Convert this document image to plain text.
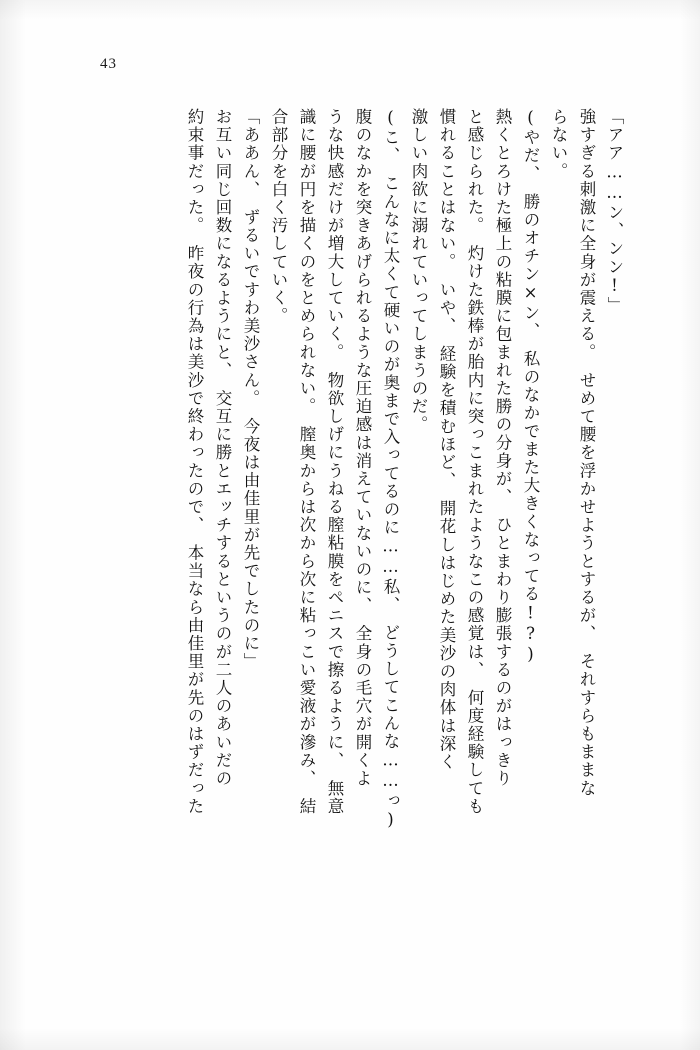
43
「アア……ン、ンン!」
強すぎる刺激に全身が震える。　せめて腰を浮かせようとするが、　それすらもままな
らない。
(やだ、　勝のオチン×ン、　私のなかでまた大きくなってる!?)
熱くとろけた極上の粘膜に包まれた勝の分身が、　ひとまわり膨張するのがはっきり
と感じられた。　灼けた鉄棒が胎内に突っこまれたようなこの感覚は、　何度経験しても
慣れることはない。　いや、　経験を積むほど、　開花しはじめた美沙の肉体は深く
激しい肉欲に溺れていってしまうのだ。
(こ、　こんなに太くて硬いのが奥まで入ってるのに……私、　どうしてこんな……っ)
腹のなかを突きあげられるような圧迫感は消えていないのに、　全身の毛穴が開くよ
うな快感だけが増大していく。　物欲しげにうねる膣粘膜をペニスで擦るように、　無意
識に腰が円を描くのをとめられない。　膣奥からは次から次に粘っこい愛液が滲み、　結
合部分を白く汚していく。
「ああん、　ずるいですわ美沙さん。　今夜は由佳里が先でしたのに」
お互い同じ回数になるようにと、　交互に勝とエッチするというのが二人のあいだの
約束事だった。　昨夜の行為は美沙で終わったので、　本当なら由佳里が先のはずだった
